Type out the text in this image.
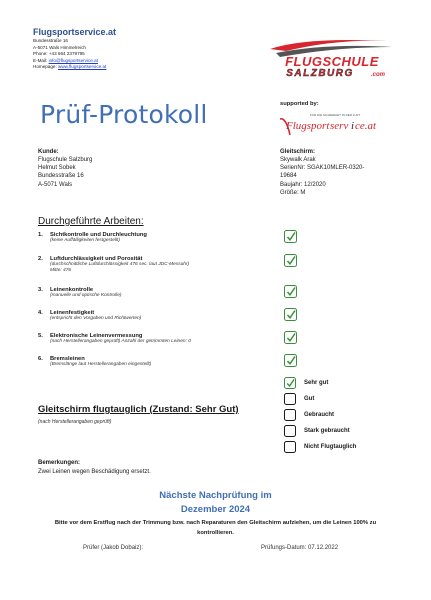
Flugsportservice.at
Bundesstraße 16
A-5071 Wals Himmelreich
Phone: +43 664 2379795
E-Mail: info@flugsportservice.at
Homepage: www.flugsportservice.at	FLUGSCHULE
SALZBURG	.com
Prüf-Protokoll	supported by:
FÜR DIE SICHERHEIT IN DER LUFT
Flugsport serv i ce.at
Kunde:
Flugschule Salzburg
Helmut Sobek
Bundesstraße 16
A-5071 Wals
Gleitschirm:
Skywalk Arak
SerienNr: SGAK10MLER-0320-
19684
Baujahr: 12/2020
Größe: M
Durchgeführte Arbeiten:
1. Sichtkontrolle und Durchleuchtung
(keine Auffälligkeiten festgestellt)
2. Luftdurchlässigkeit und Porosität
(durchschnittliche Luftdurchlässigkeit 476 sec. laut JDC-Messuhr)
Mitte: 476
3. Leinenkontrolle
(manuelle und optische Kontrolle)
4. Leinenfestigkeit
(entspricht den Vorgaben und Richtwerten)
5. Elektronische Leinenvermessung
(nach Herstellerangaben geprüft) Anzahl der getrimmten Leinen: 0
6. Bremsleinen
(Bremslänge laut Herstellerangaben eingestellt)
Sehr gut
Gut
Gebraucht
Stark gebraucht
Nicht Flugtauglich
Gleitschirm flugtauglich (Zustand: Sehr Gut)
(nach Herstellerangaben geprüft)
Bemerkungen:
Zwei Leinen wegen Beschädigung ersetzt.
Nächste Nachprüfung im
Dezember 2024
Bitte vor dem Erstflug nach der Trimmung bzw. nach Reparaturen den Gleitschirm aufziehen, um die Leinen 100% zu kontrollieren.
Prüfer (Jakob Dobaiz):	Prüfungs-Datum: 07.12.2022
